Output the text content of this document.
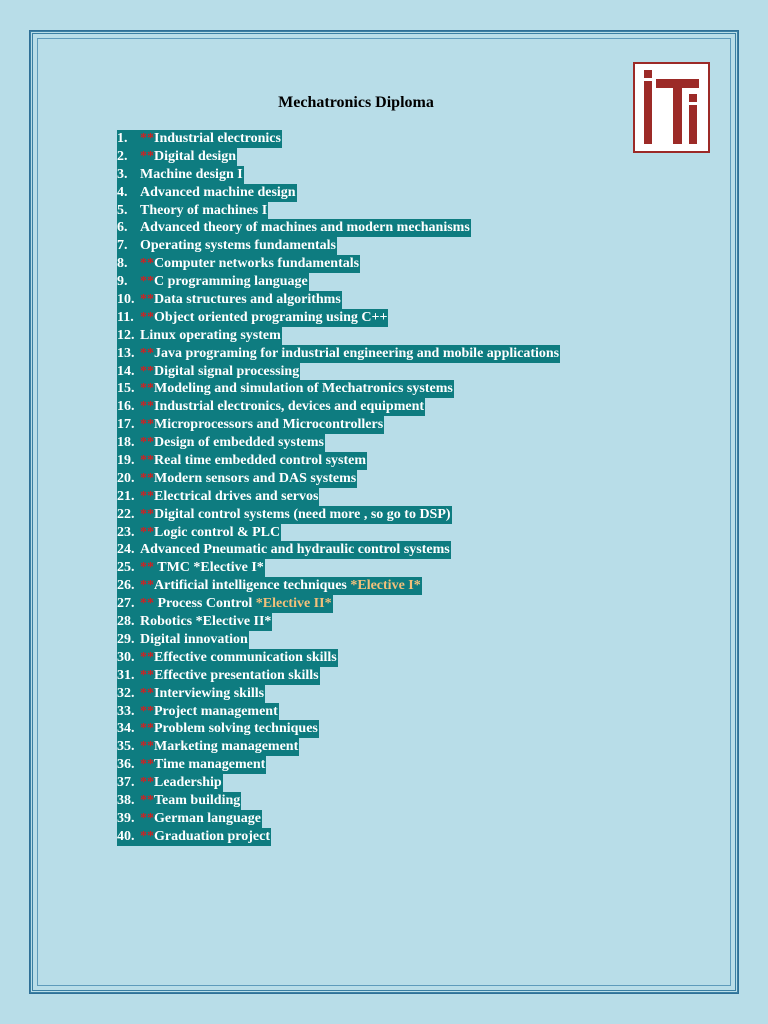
Mechatronics Diploma
1. **Industrial electronics
2. **Digital design
3. Machine design I
4. Advanced machine design
5. Theory of machines I
6. Advanced theory of machines and modern mechanisms
7. Operating systems fundamentals
8. **Computer networks fundamentals
9. **C programming language
10. **Data structures and algorithms
11. **Object oriented programing using C++
12. Linux operating system
13. **Java programing for industrial engineering and mobile applications
14. **Digital signal processing
15. **Modeling and simulation of Mechatronics systems
16. **Industrial electronics, devices and equipment
17. **Microprocessors and Microcontrollers
18. **Design of embedded systems
19. **Real time embedded control system
20. **Modern sensors and DAS systems
21. **Electrical drives and servos
22. **Digital control systems (need more , so go to DSP)
23. **Logic control & PLC
24. Advanced Pneumatic and hydraulic control systems
25. ** TMC *Elective I*
26. **Artificial intelligence techniques *Elective I*
27. ** Process Control *Elective II*
28. Robotics *Elective II*
29. Digital innovation
30. **Effective communication skills
31. **Effective presentation skills
32. **Interviewing skills
33. **Project management
34. **Problem solving techniques
35. **Marketing management
36. **Time management
37. **Leadership
38. **Team building
39. **German language
40. **Graduation project
